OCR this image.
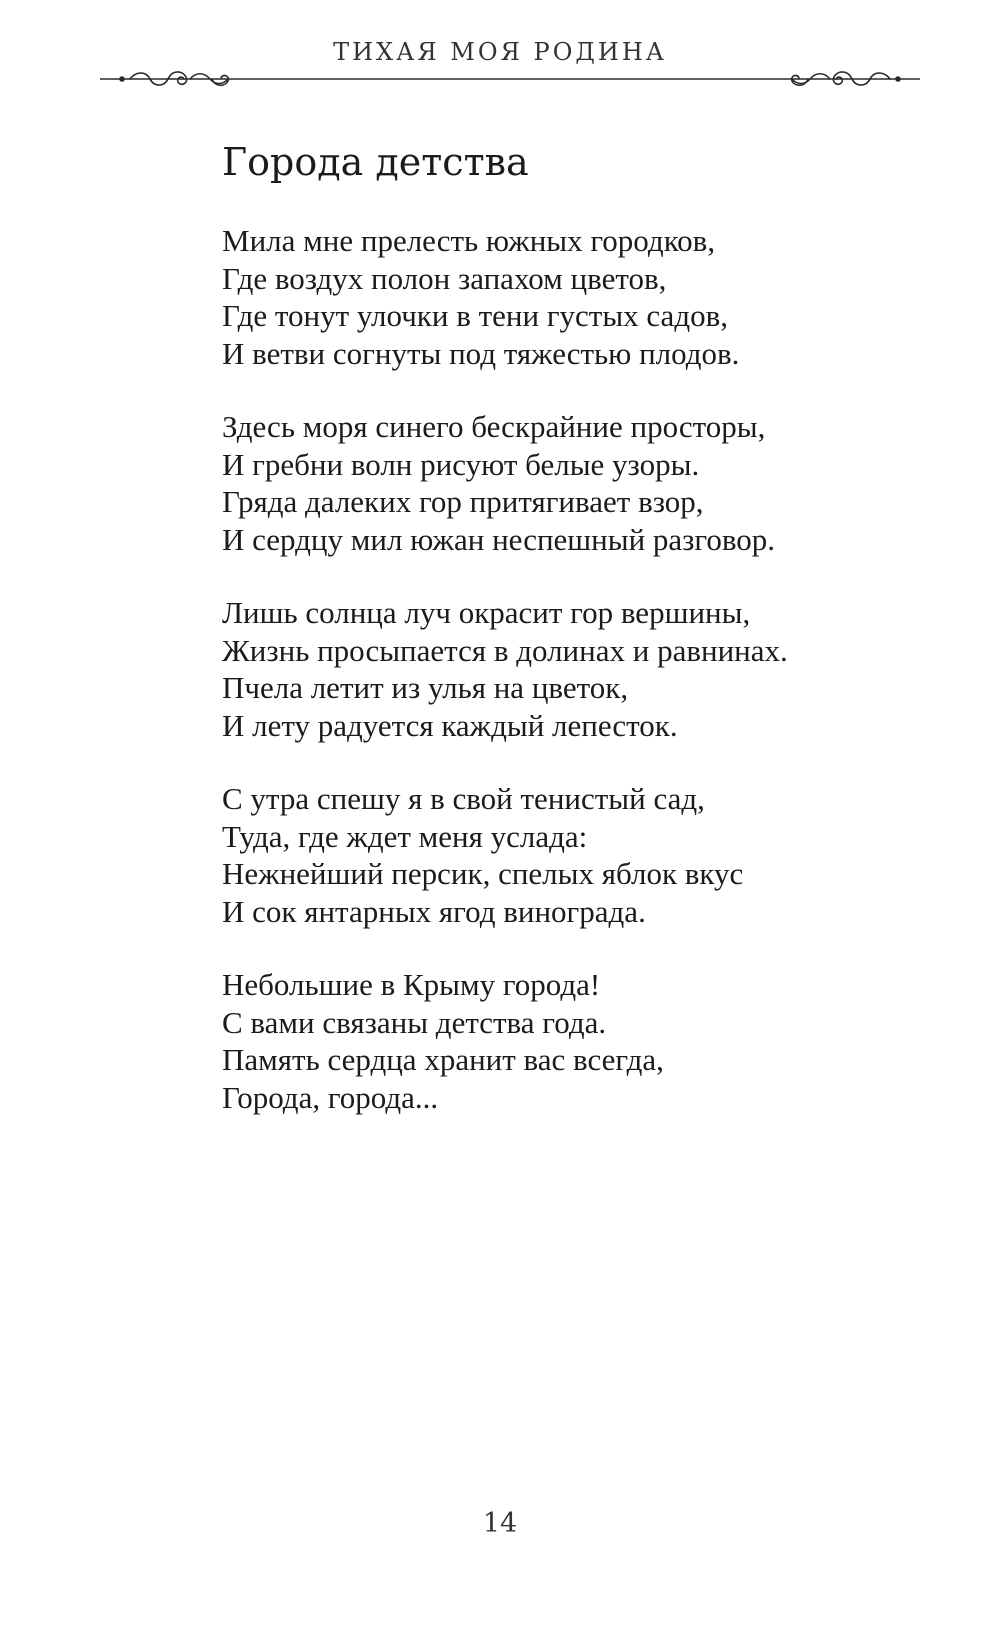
ТИХАЯ МОЯ РОДИНА
Города детства
Мила мне прелесть южных городков,
Где воздух полон запахом цветов,
Где тонут улочки в тени густых садов,
И ветви согнуты под тяжестью плодов.
Здесь моря синего бескрайние просторы,
И гребни волн рисуют белые узоры.
Гряда далеких гор притягивает взор,
И сердцу мил южан неспешный разговор.
Лишь солнца луч окрасит гор вершины,
Жизнь просыпается в долинах и равнинах.
Пчела летит из улья на цветок,
И лету радуется каждый лепесток.
С утра спешу я в свой тенистый сад,
Туда, где ждет меня услада:
Нежнейший персик, спелых яблок вкус
И сок янтарных ягод винограда.
Небольшие в Крыму города!
С вами связаны детства года.
Память сердца хранит вас всегда,
Города, города...
14
